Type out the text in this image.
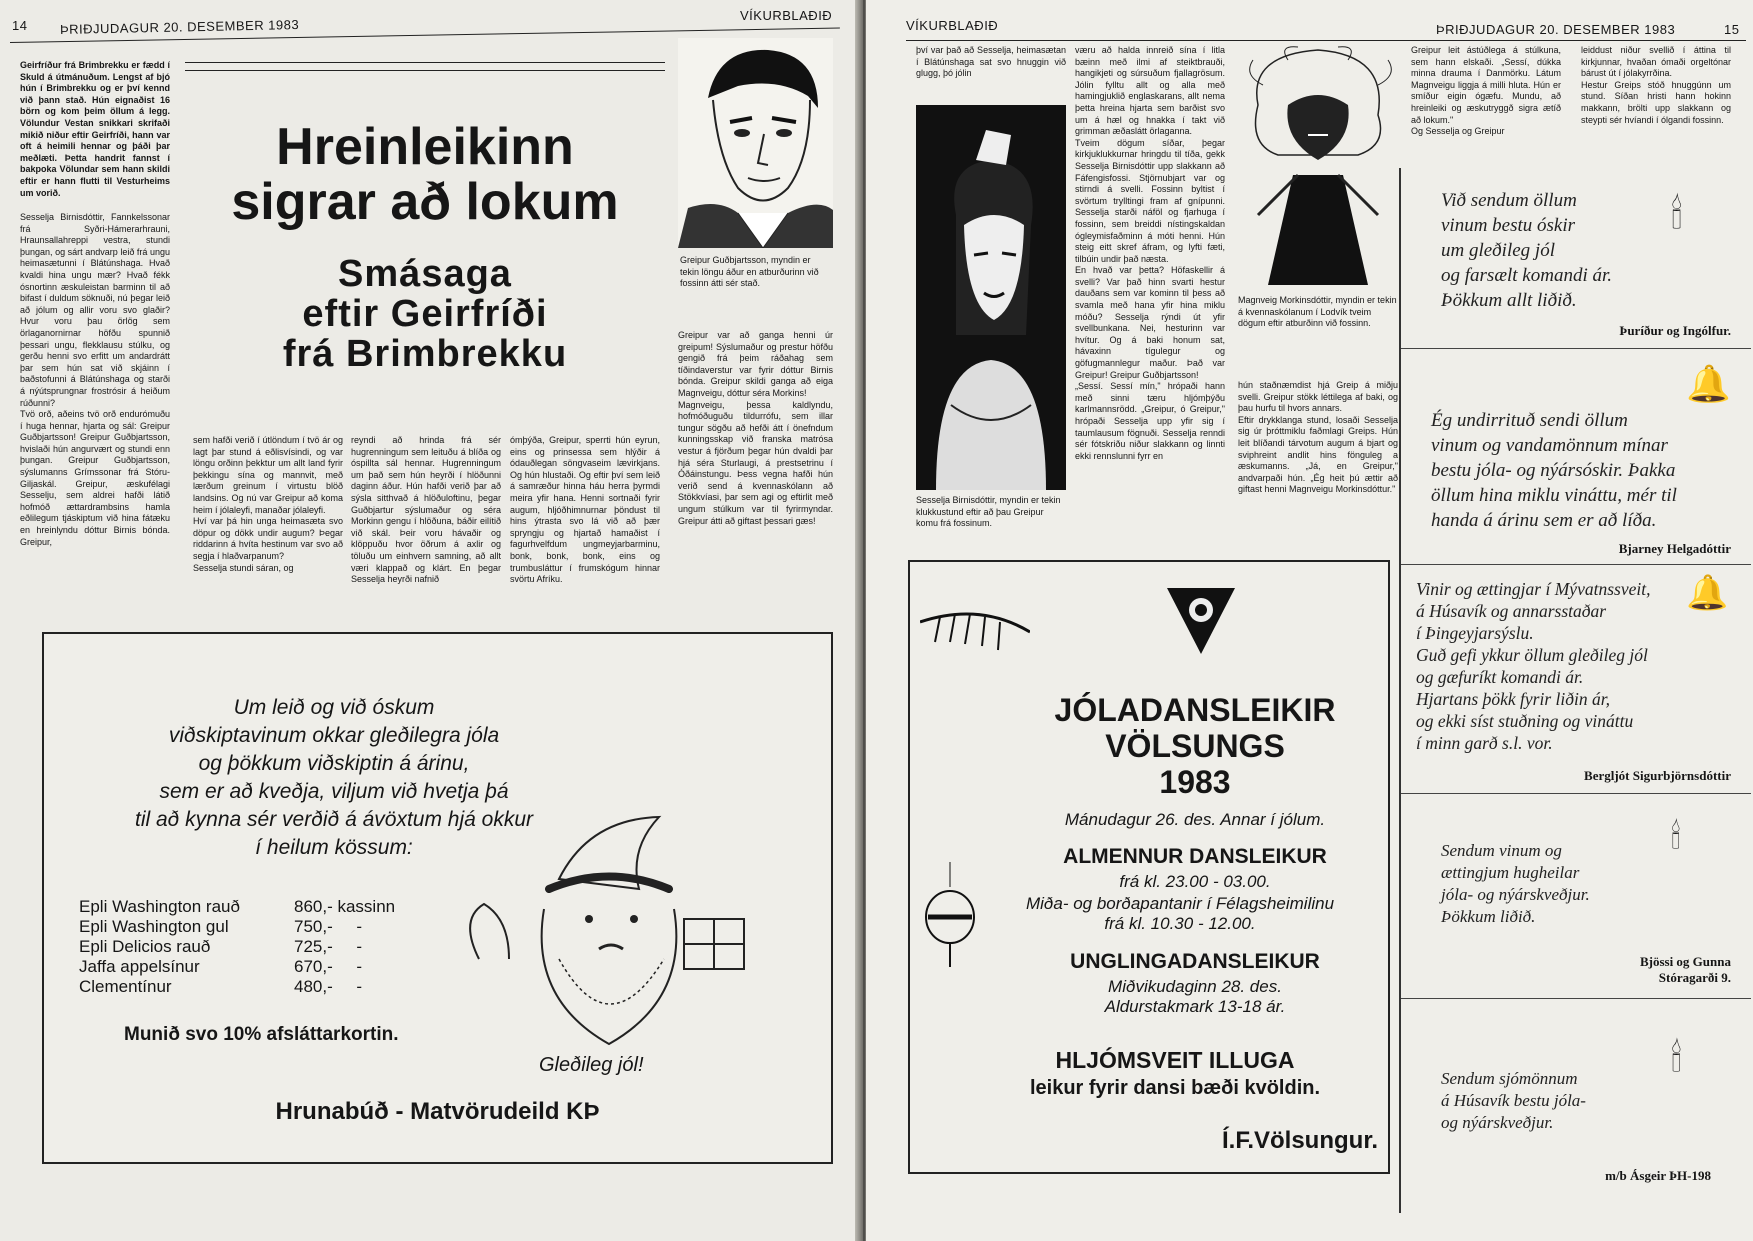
14 ÞRIÐJUDAGUR 20. DESEMBER 1983
VÍKURBLAÐIÐ
Geirfríður frá Brimbrekku er fædd í Skuld á útmánuðum. Lengst af bjó hún í Brimbrekku og er því kennd við þann stað. Hún eignaðist 16 börn og kom þeim öllum á legg. Völundur Vestan snikkari skrifaði mikið niður eftir Geirfríði, hann var oft á heimili hennar og þáði þar meðlæti. Þetta handrit fannst í bakpoka Völundar sem hann skildi eftir er hann flutti til Vesturheims um vorið.
Hreinleikinn
sigrar að lokum
Smásaga
eftir Geirfríði
frá Brimbrekku
Greipur Guðbjartsson, myndin er tekin löngu áður en atburðurinn við fossinn átti sér stað.
Sesselja Birnisdóttir, Fannkelssonar frá Syðri-Hámerarhrauni, Hraunsallahreppi vestra, stundi þungan, og sárt andvarp leið frá ungu heimasætunni í Blátúnshaga. Hvað kvaldi hina ungu mær? Hvað fékk ósnortinn æskuleistan barminn til að bifast í duldum söknuði, nú þegar leið að jólum og allir voru svo glaðir? Hvur voru þau örlög sem örlaganornirnar höfðu spunnið þessari ungu, flekklausu stúlku, og gerðu henni svo erfitt um andardrátt þar sem hún sat við skjáinn í baðstofunni á Blátúnshaga og starði á nýútsprungnar frostrósir á heiðum rúðunni?
Tvö orð, aðeins tvö orð endurómuðu í huga hennar, hjarta og sál: Greipur Guðbjartsson! Greipur Guðbjartsson, hvislaði hún angurvært og stundi enn þungan. Greipur Guðbjartsson, sýslumanns Grímssonar frá Stóru-Giljaskál. Greipur, æskufélagi Sesselju, sem aldrei hafði látið hofmóð ættardrambsins hamla eðlilegum tjáskiptum við hina fátæku en hreinlyndu dóttur Birnis bónda. Greipur,
sem hafði verið í útlöndum í tvö ár og lagt þar stund á eðlisvísindi, og var löngu orðinn þekktur um allt land fyrir þekkingu sína og mannvit, með lærðum greinum í virtustu blöð landsins. Og nú var Greipur að koma heim í jólaleyfi, manaðar jólaleyfi.
Hví var þá hin unga heimasæta svo döpur og dökk undir augum? Þegar riddarinn á hvíta hestinum var svo að segja í hlaðvarpanum?
Sesselja stundi sáran, og
reyndi að hrinda frá sér hugrenningum sem leituðu á blíða og óspillta sál hennar. Hugrenningum um það sem hún heyrði í hlöðunni daginn áður. Hún hafði verið þar að sýsla sitthvað á hlöðuloftinu, þegar Guðbjartur sýslumaður og séra Morkinn gengu í hlöðuna, báðir eilítið við skál. Þeir voru hávaðir og klöppuðu hvor öðrum á axlir og töluðu um einhvern samning, að allt væri klappað og klárt. En þegar Sesselja heyrði nafnið
ómþýða, Greipur, sperrti hún eyrun, eins og prinsessa sem hlýðir á ódauðlegan söngvaseim lævirkjans. Og hún hlustaði. Og eftir því sem leið á samræður hinna háu herra þyrmdi meira yfir hana. Henni sortnaði fyrir augum, hljóðhimnurnar þöndust til hins ýtrasta svo lá við að þær spryngju og hjartað hamaðist í fagurhvelfdum ungmeyjarbarminu, bonk, bonk, bonk, eins og trumbusláttur í frumskógum hinnar svörtu Afríku.
Greipur var að ganga henni úr greipum! Sýslumaður og prestur höfðu gengið frá þeim ráðahag sem tíðindaverstur var fyrir dóttur Birnis bónda. Greipur skildi ganga að eiga Magnveigu, dóttur séra Morkins!
Magnveigu, þessa kaldlyndu, hofmóðuguðu tildurrófu, sem illar tungur sögðu að hefði átt í önefndum kunningsskap við franska matrósa vestur á fjörðum þegar hún dvaldi þar hjá séra Sturlaugi, á prestsetrinu í Óðáinstungu. Þess vegna hafði hún verið send á kvennaskólann að Stökkvíasi, þar sem agi og eftirlit með ungum stúlkum var til fyrirmyndar. Greipur átti að giftast þessari gæs!
Um leið og við óskum
viðskiptavinum okkar gleðilegra jóla
og þökkum viðskiptin á árinu,
sem er að kveðja, viljum við hvetja þá
til að kynna sér verðið á ávöxtum hjá okkur
í heilum kössum:
Epli Washington rauð	860,- kassinn
Epli Washington gul	750,-     -
Epli Delicios rauð	725,-     -
Jaffa appelsínur	670,-     -
Clementínur	480,-     -
Munið svo 10% afsláttarkortin.
Gleðileg jól!
Hrunabúð - Matvörudeild KÞ
VÍKURBLAÐIÐ	ÞRIÐJUDAGUR 20. DESEMBER 1983	15
því var það að Sesselja, heimasætan í Blátúnshaga sat svo hnuggin við glugg, þó jólin
væru að halda innreið sína í litla bæinn með ilmi af steiktbrauði, hangikjeti og súrsuðum fjallagrösum. Jólin fylltu allt og alla með hamingjuklið englaskarans, allt nema þetta hreina hjarta sem barðist svo um á hæl og hnakka í takt við grimman æðaslátt örlaganna.
Tveim dögum síðar, þegar kirkjuklukkurnar hringdu til tíða, gekk Sesselja Birnisdóttir upp slakkann að Fáfengisfossi. Stjörnubjart var og stirndi á svelli. Fossinn byltist í svörtum trylltingi fram af gnípunni. Sesselja starði náföl og fjarhuga í fossinn, sem breiddi nístingskaldan ógleymisfaðminn á móti henni. Hún steig eitt skref áfram, og lyfti fæti, tilbúin undir það næsta.
En hvað var þetta? Höfaskellir á svelli? Var það hinn svarti hestur dauðans sem var kominn til þess að svamla með hana yfir hina miklu móðu? Sesselja rýndi út yfir svellbunkana. Nei, hesturinn var hvítur. Og á baki honum sat, hávaxinn tígulegur og göfugmannlegur maður. Það var Greipur! Greipur Guðbjartsson!
„Sessí. Sessí mín," hrópaði hann með sinni tæru hljómþýðu karlmannsrödd. „Greipur, ó Greipur," hrópaði Sesselja upp yfir sig í taumlausum fögnuði. Sesselja renndi sér fótskriðu niður slakkann og linnti ekki rennslunni fyrr en
Sesselja Birnisdóttir, myndin er tekin klukkustund eftir að þau Greipur komu frá fossinum.
Magnveig Morkinsdóttir, myndin er tekin á kvennaskólanum í Lodvík tveim dögum eftir atburðinn við fossinn.
hún staðnæmdist hjá Greip á miðju svelli. Greipur stökk léttilega af baki, og þau hurfu til hvors annars.
Eftir drykklanga stund, losaði Sesselja sig úr þróttmiklu faðmlagi Greips. Hún leit blíðandi tárvotum augum á bjart og sviphreint andlit hins fönguleg a æskumanns. „Já, en Greipur," andvarpaði hún. „Ég heit þú ættir að giftast henni Magnveigu Morkinsdóttur."
Greipur leit ástúðlega á stúlkuna, sem hann elskaði. „Sessí, dúkka minna drauma í Danmörku. Látum Magnveigu liggja á milli hluta. Hún er smíður eigin ógæfu. Mundu, að hreinleiki og æskutryggð sigra ætíð að lokum."
Og Sesselja og Greipur
leiddust niður svellið í áttina til kirkjunnar, hvaðan ómaði orgeltónar bárust út í jólakyrrðina.
Hestur Greips stóð hnuggúnn um stund. Síðan hristi hann hokinn makkann, brölti upp slakkann og steypti sér hvíandi í ólgandi fossinn.
Við sendum öllum
vinum bestu óskir
um gleðileg jól
og farsælt komandi ár.
Þökkum allt liðið.
Þuríður og Ingólfur.
🕯
🔔
Ég undirrituð sendi öllum
vinum og vandamönnum mínar
bestu jóla- og nýársóskir. Þakka
öllum hina miklu vináttu, mér til
handa á árinu sem er að líða.
Bjarney Helgadóttir
Vinir og ættingjar í Mývatnssveit,
á Húsavík og annarsstaðar
í Þingeyjarsýslu.
Guð gefi ykkur öllum gleðileg jól
og gæfuríkt komandi ár.
Hjartans þökk fyrir liðin ár,
og ekki síst stuðning og vináttu
í minn garð s.l. vor.
🔔
Bergljót Sigurbjörnsdóttir
Sendum vinum og
ættingjum hugheilar
jóla- og nýárskveðjur.
Þökkum liðið.
🕯
Bjössi og Gunna
Stóragarði 9.
Sendum sjómönnum
á Húsavík bestu jóla-
og nýárskveðjur.
🕯
m/b Ásgeir ÞH-198
JÓLADANSLEIKIR
VÖLSUNGS
1983
Mánudagur 26. des. Annar í jólum.
ALMENNUR DANSLEIKUR
frá kl. 23.00 - 03.00.
Miða- og borðapantanir í Félagsheimilinu
frá kl. 10.30 - 12.00.
UNGLINGADANSLEIKUR
Miðvikudaginn 28. des.
Aldurstakmark 13-18 ár.
HLJÓMSVEIT ILLUGA
leikur fyrir dansi bæði kvöldin.
Í.F.Völsungur.
